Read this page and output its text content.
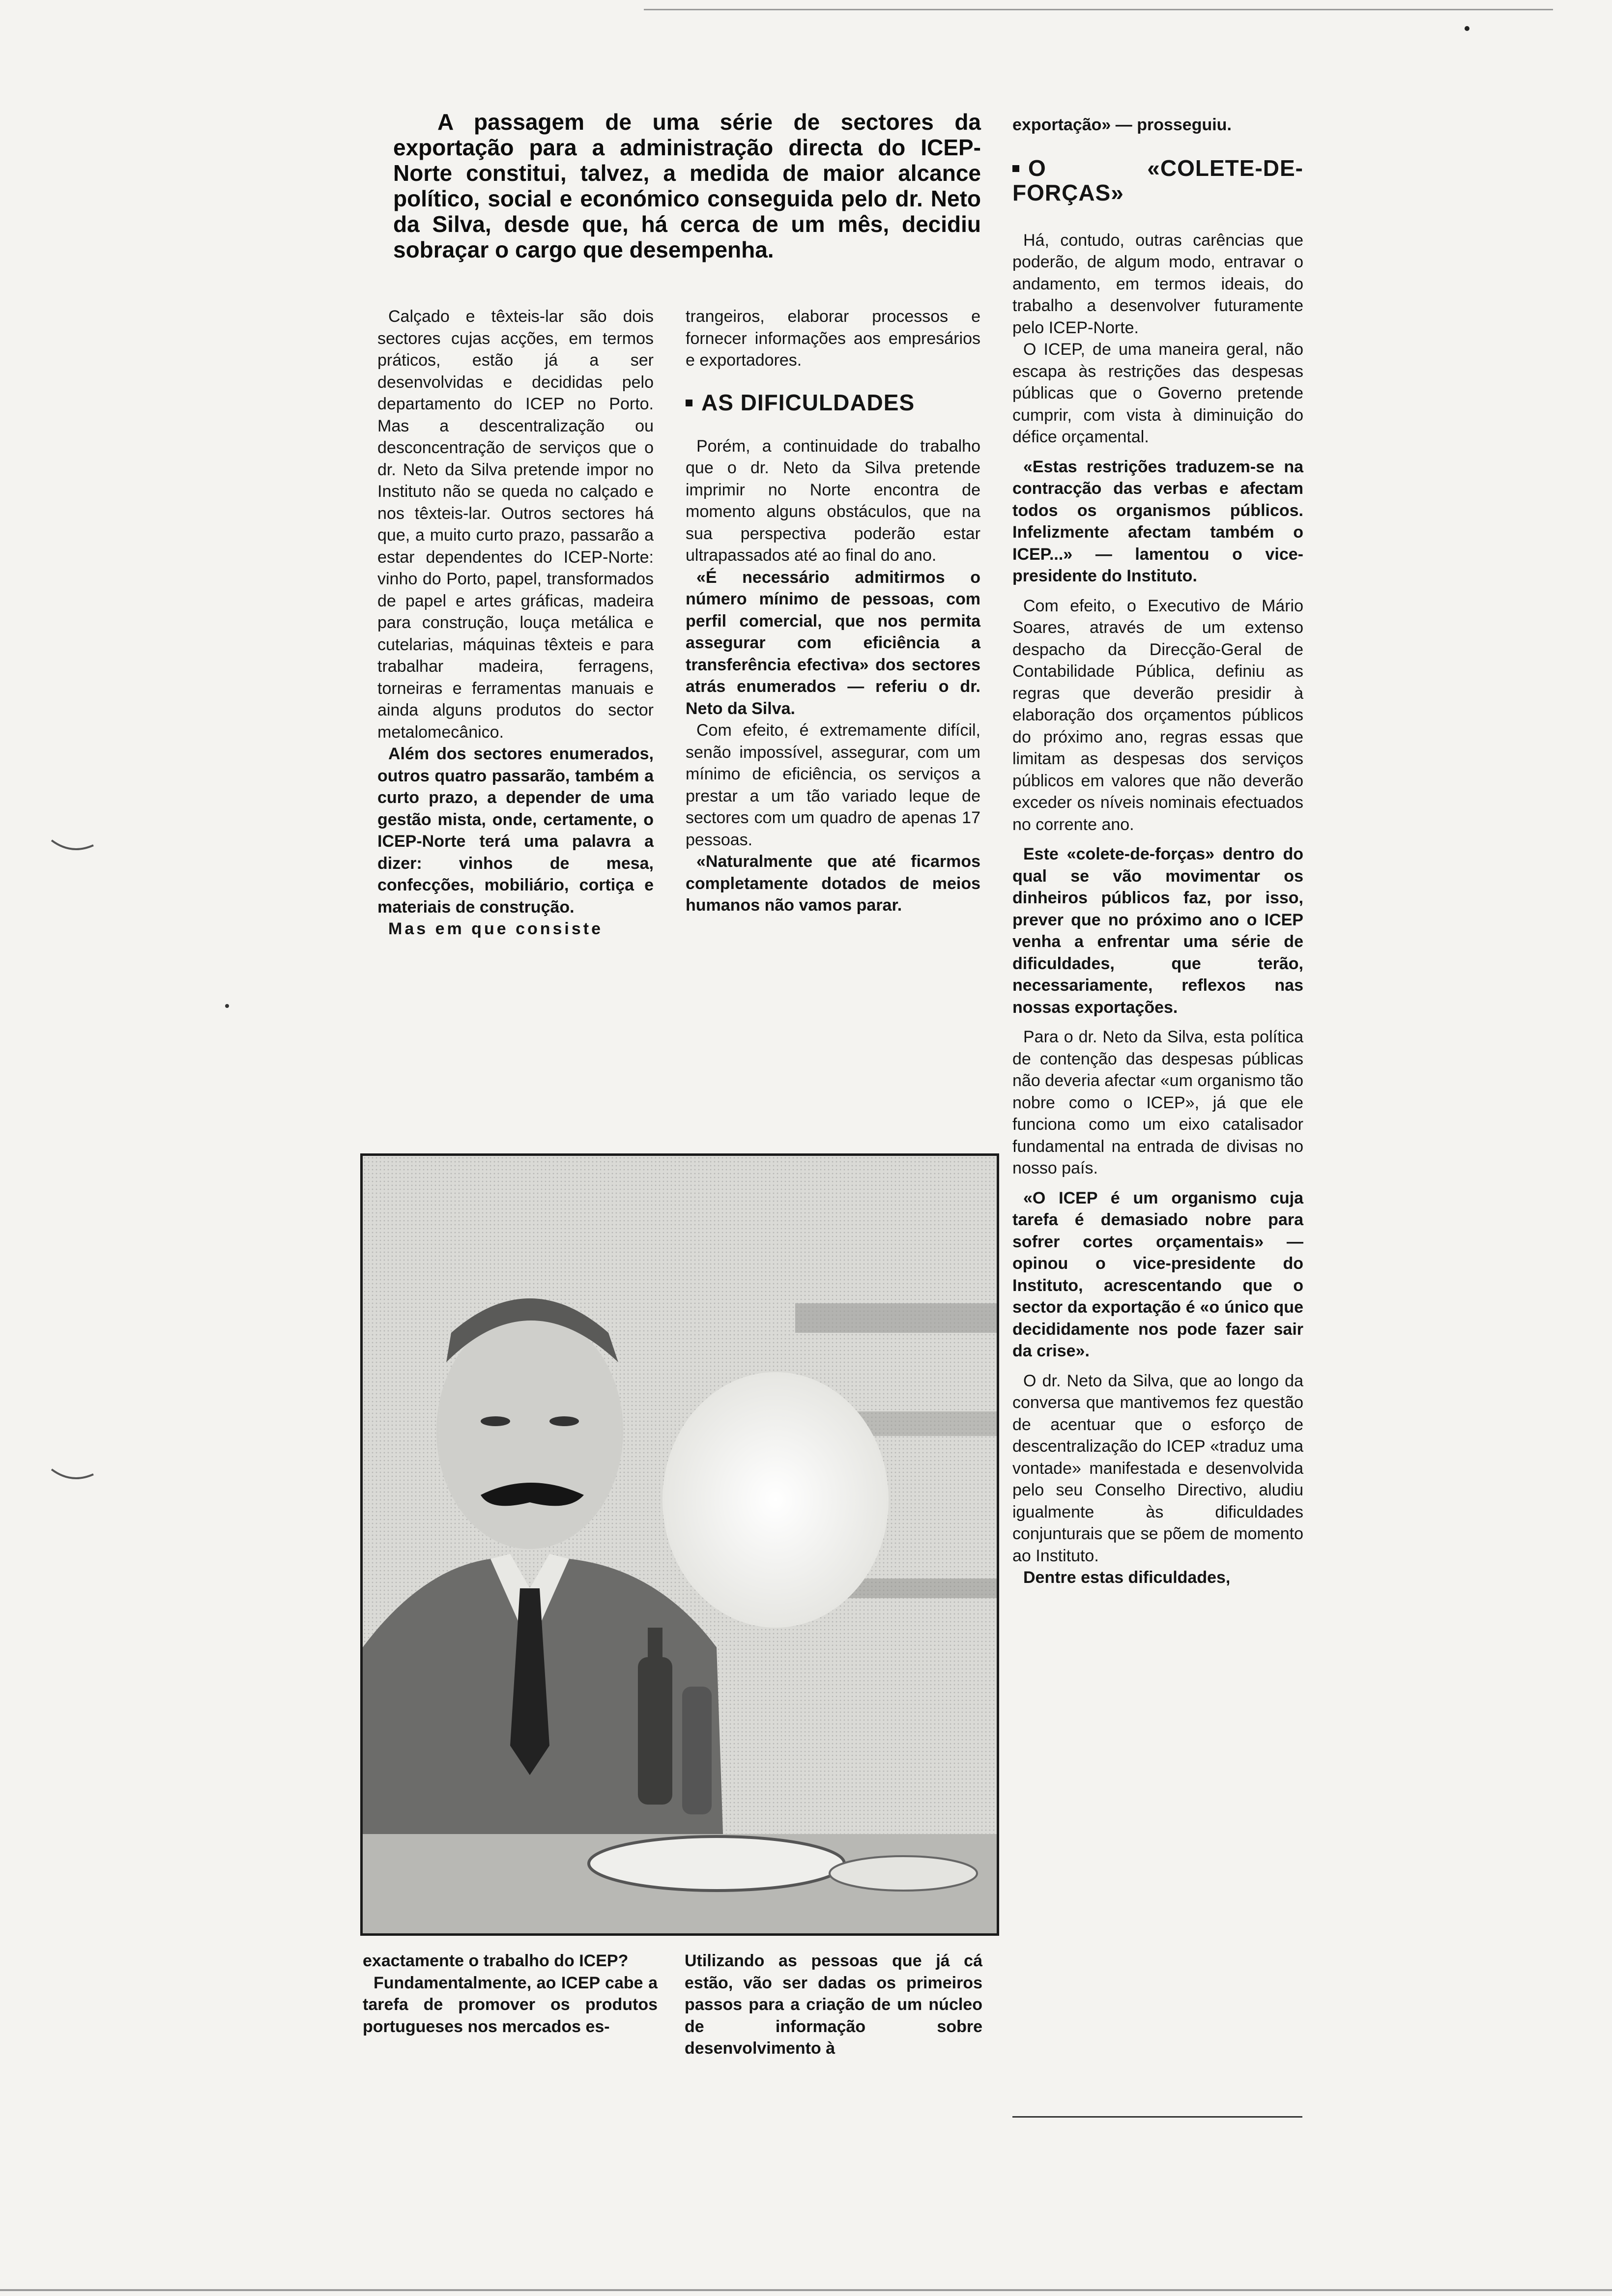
A passagem de uma série de sectores da exportação para a administração directa do ICEP-Norte constitui, talvez, a medida de maior alcance político, social e económico conseguida pelo dr. Neto da Silva, desde que, há cerca de um mês, decidiu sobraçar o cargo que desempenha.

Calçado e têxteis-lar são dois sectores cujas acções, em termos práticos, estão já a ser desenvolvidas e decididas pelo departamento do ICEP no Porto. Mas a descentralização ou desconcentração de serviços que o dr. Neto da Silva pretende impor no Instituto não se queda no calçado e nos têxteis-lar. Outros sectores há que, a muito curto prazo, passarão a estar dependentes do ICEP-Norte: vinho do Porto, papel, transformados de papel e artes gráficas, madeira para construção, louça metálica e cutelarias, máquinas têxteis e para trabalhar madeira, ferragens, torneiras e ferramentas manuais e ainda alguns produtos do sector metalomecânico.

Além dos sectores enumerados, outros quatro passarão, também a curto prazo, a depender de uma gestão mista, onde, certamente, o ICEP-Norte terá uma palavra a dizer: vinhos de mesa, confecções, mobiliário, cortiça e materiais de construção.

Mas em que consiste

trangeiros, elaborar processos e fornecer informações aos empresários e exportadores.

AS DIFICULDADES

Porém, a continuidade do trabalho que o dr. Neto da Silva pretende imprimir no Norte encontra de momento alguns obstáculos, que na sua perspectiva poderão estar ultrapassados até ao final do ano.

«É necessário admitirmos o número mínimo de pessoas, com perfil comercial, que nos permita assegurar com eficiência a transferência efectiva» dos sectores atrás enumerados — referiu o dr. Neto da Silva.

Com efeito, é extremamente difícil, senão impossível, assegurar, com um mínimo de eficiência, os serviços a prestar a um tão variado leque de sectores com um quadro de apenas 17 pessoas.

«Naturalmente que até ficarmos completamente dotados de meios humanos não vamos parar.

exactamente o trabalho do ICEP?

Fundamentalmente, ao ICEP cabe a tarefa de promover os produtos portugueses nos mercados es-

Utilizando as pessoas que já cá estão, vão ser dadas os primeiros passos para a criação de um núcleo de informação sobre desenvolvimento à

exportação» — prosseguiu.

O «COLETE-DE-FORÇAS»

Há, contudo, outras carências que poderão, de algum modo, entravar o andamento, em termos ideais, do trabalho a desenvolver futuramente pelo ICEP-Norte.

O ICEP, de uma maneira geral, não escapa às restrições das despesas públicas que o Governo pretende cumprir, com vista à diminuição do défice orçamental.

«Estas restrições traduzem-se na contracção das verbas e afectam todos os organismos públicos. Infelizmente afectam também o ICEP...» — lamentou o vice-presidente do Instituto.

Com efeito, o Executivo de Mário Soares, através de um extenso despacho da Direcção-Geral de Contabilidade Pública, definiu as regras que deverão presidir à elaboração dos orçamentos públicos do próximo ano, regras essas que limitam as despesas dos serviços públicos em valores que não deverão exceder os níveis nominais efectuados no corrente ano.

Este «colete-de-forças» dentro do qual se vão movimentar os dinheiros públicos faz, por isso, prever que no próximo ano o ICEP venha a enfrentar uma série de dificuldades, que terão, necessariamente, reflexos nas nossas exportações.

Para o dr. Neto da Silva, esta política de contenção das despesas públicas não deveria afectar «um organismo tão nobre como o ICEP», já que ele funciona como um eixo catalisador fundamental na entrada de divisas no nosso país.

«O ICEP é um organismo cuja tarefa é demasiado nobre para sofrer cortes orçamentais» — opinou o vice-presidente do Instituto, acrescentando que o sector da exportação é «o único que decididamente nos pode fazer sair da crise».

O dr. Neto da Silva, que ao longo da conversa que mantivemos fez questão de acentuar que o esforço de descentralização do ICEP «traduz uma vontade» manifestada e desenvolvida pelo seu Conselho Directivo, aludiu igualmente às dificuldades conjunturais que se põem de momento ao Instituto.

Dentre estas dificuldades,
